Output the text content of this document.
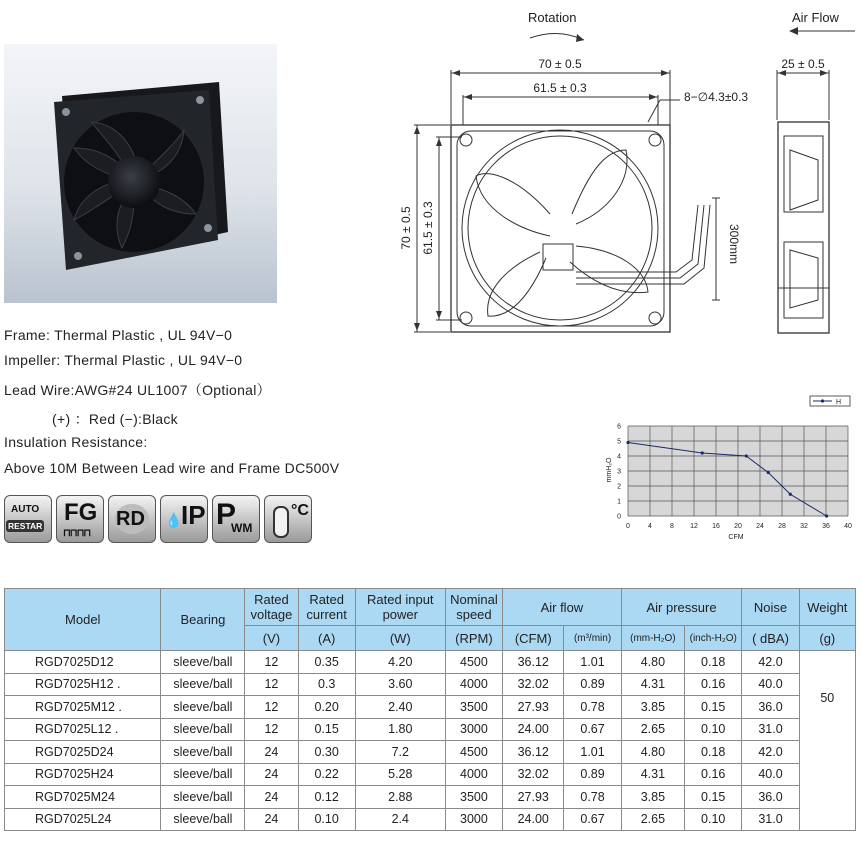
Rotation	Air Flow
70 ± 0.5
61.5 ± 0.3
8−∅4.3±0.3
70 ± 0.5 61.5 ± 0.3	300mm
25 ± 0.5
Frame: Thermal Plastic , UL 94V−0
Impeller: Thermal Plastic , UL 94V−0
Lead Wire:AWG#24 UL1007（Optional）
(+) ：Red (−):Black
Insulation Resistance:
Above 10M Between Lead wire and Frame DC500V
AUTO
RESTAR FG
⊓⊓⊓⊓
RD 💧
IP P
WM
°C	0
1
2
3
4
5
6
0	4	8 12 16 20 24 28 32 36 40
mmH₂O
CFM
H
Model	Bearing	Rated voltage	Rated current	Rated input power	Nominal speed	Air flow		Air pressure		Noise	Weight
		(V)	(A)	(W)	(RPM)	(CFM)	(m³/min)	(mm-H₂O)	(inch-H₂O)	( dBA)	(g)
RGD7025D12	sleeve/ball	12	0.35	4.20	4500	36.12	1.01	4.80	0.18	42.0	50
RGD7025H12 .	sleeve/ball	12	0.3	3.60	4000	32.02	0.89	4.31	0.16	40.0	
RGD7025M12 .	sleeve/ball	12	0.20	2.40	3500	27.93	0.78	3.85	0.15	36.0	
RGD7025L12 .	sleeve/ball	12	0.15	1.80	3000	24.00	0.67	2.65	0.10	31.0	
RGD7025D24	sleeve/ball	24	0.30	7.2	4500	36.12	1.01	4.80	0.18	42.0	
RGD7025H24	sleeve/ball	24	0.22	5.28	4000	32.02	0.89	4.31	0.16	40.0	
RGD7025M24	sleeve/ball	24	0.12	2.88	3500	27.93	0.78	3.85	0.15	36.0	
RGD7025L24	sleeve/ball	24	0.10	2.4	3000	24.00	0.67	2.65	0.10	31.0	
